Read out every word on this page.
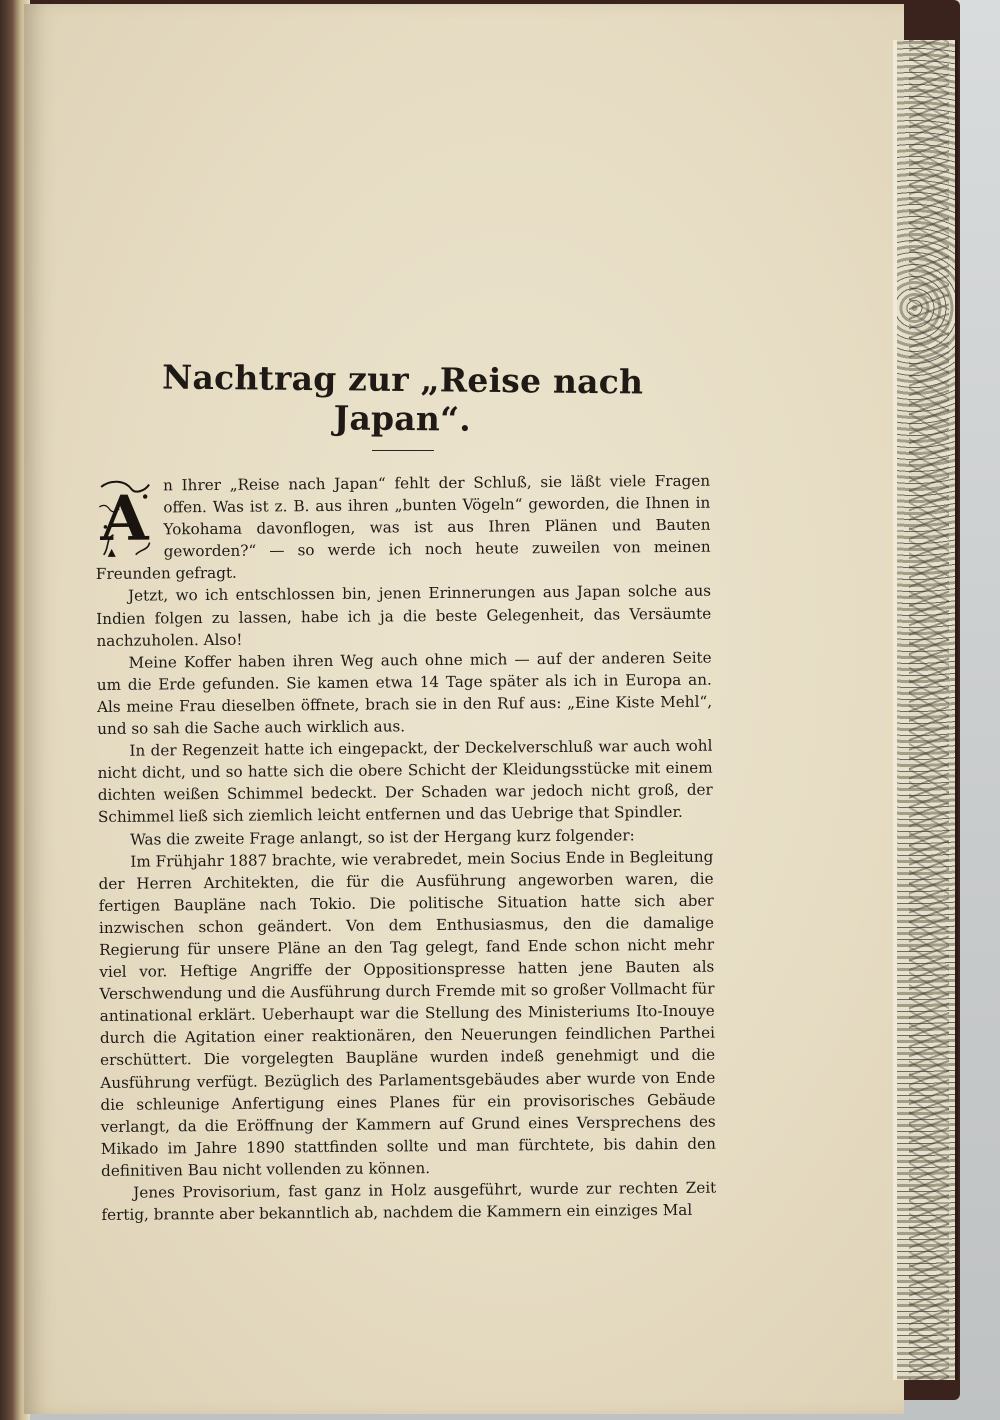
Nachtrag zur „Reise nach Japan“.

A n Ihrer „Reise nach Japan“ fehlt der Schluß, sie läßt viele Fragen offen. Was ist z. B. aus ihren „bunten Vögeln“ geworden, die Ihnen in Yokohama davonflogen, was ist aus Ihren Plänen und Bauten geworden?“ — so werde ich noch heute zuweilen von meinen Freunden gefragt.

Jetzt, wo ich entschlossen bin, jenen Erinnerungen aus Japan solche aus Indien folgen zu lassen, habe ich ja die beste Gelegenheit, das Versäumte nachzuholen. Also!

Meine Koffer haben ihren Weg auch ohne mich — auf der anderen Seite um die Erde gefunden. Sie kamen etwa 14 Tage später als ich in Europa an. Als meine Frau dieselben öffnete, brach sie in den Ruf aus: „Eine Kiste Mehl“, und so sah die Sache auch wirklich aus.

In der Regenzeit hatte ich eingepackt, der Deckelverschluß war auch wohl nicht dicht, und so hatte sich die obere Schicht der Kleidungsstücke mit einem dichten weißen Schimmel bedeckt. Der Schaden war jedoch nicht groß, der Schimmel ließ sich ziemlich leicht entfernen und das Uebrige that Spindler.

Was die zweite Frage anlangt, so ist der Hergang kurz folgender:

Im Frühjahr 1887 brachte, wie verabredet, mein Socius Ende in Begleitung der Herren Architekten, die für die Ausführung angeworben waren, die fertigen Baupläne nach Tokio. Die politische Situation hatte sich aber inzwischen schon geändert. Von dem Enthusiasmus, den die damalige Regierung für unsere Pläne an den Tag gelegt, fand Ende schon nicht mehr viel vor. Heftige Angriffe der Oppositionspresse hatten jene Bauten als Verschwendung und die Ausführung durch Fremde mit so großer Vollmacht für antinational erklärt. Ueberhaupt war die Stellung des Ministeriums Ito-Inouye durch die Agitation einer reaktionären, den Neuerungen feindlichen Parthei erschüttert. Die vorgelegten Baupläne wurden indeß genehmigt und die Ausführung verfügt. Bezüglich des Parlamentsgebäudes aber wurde von Ende die schleunige Anfertigung eines Planes für ein provisorisches Gebäude verlangt, da die Eröffnung der Kammern auf Grund eines Versprechens des Mikado im Jahre 1890 stattfinden sollte und man fürchtete, bis dahin den definitiven Bau nicht vollenden zu können.

Jenes Provisorium, fast ganz in Holz ausgeführt, wurde zur rechten Zeit fertig, brannte aber bekanntlich ab, nachdem die Kammern ein einziges Mal
